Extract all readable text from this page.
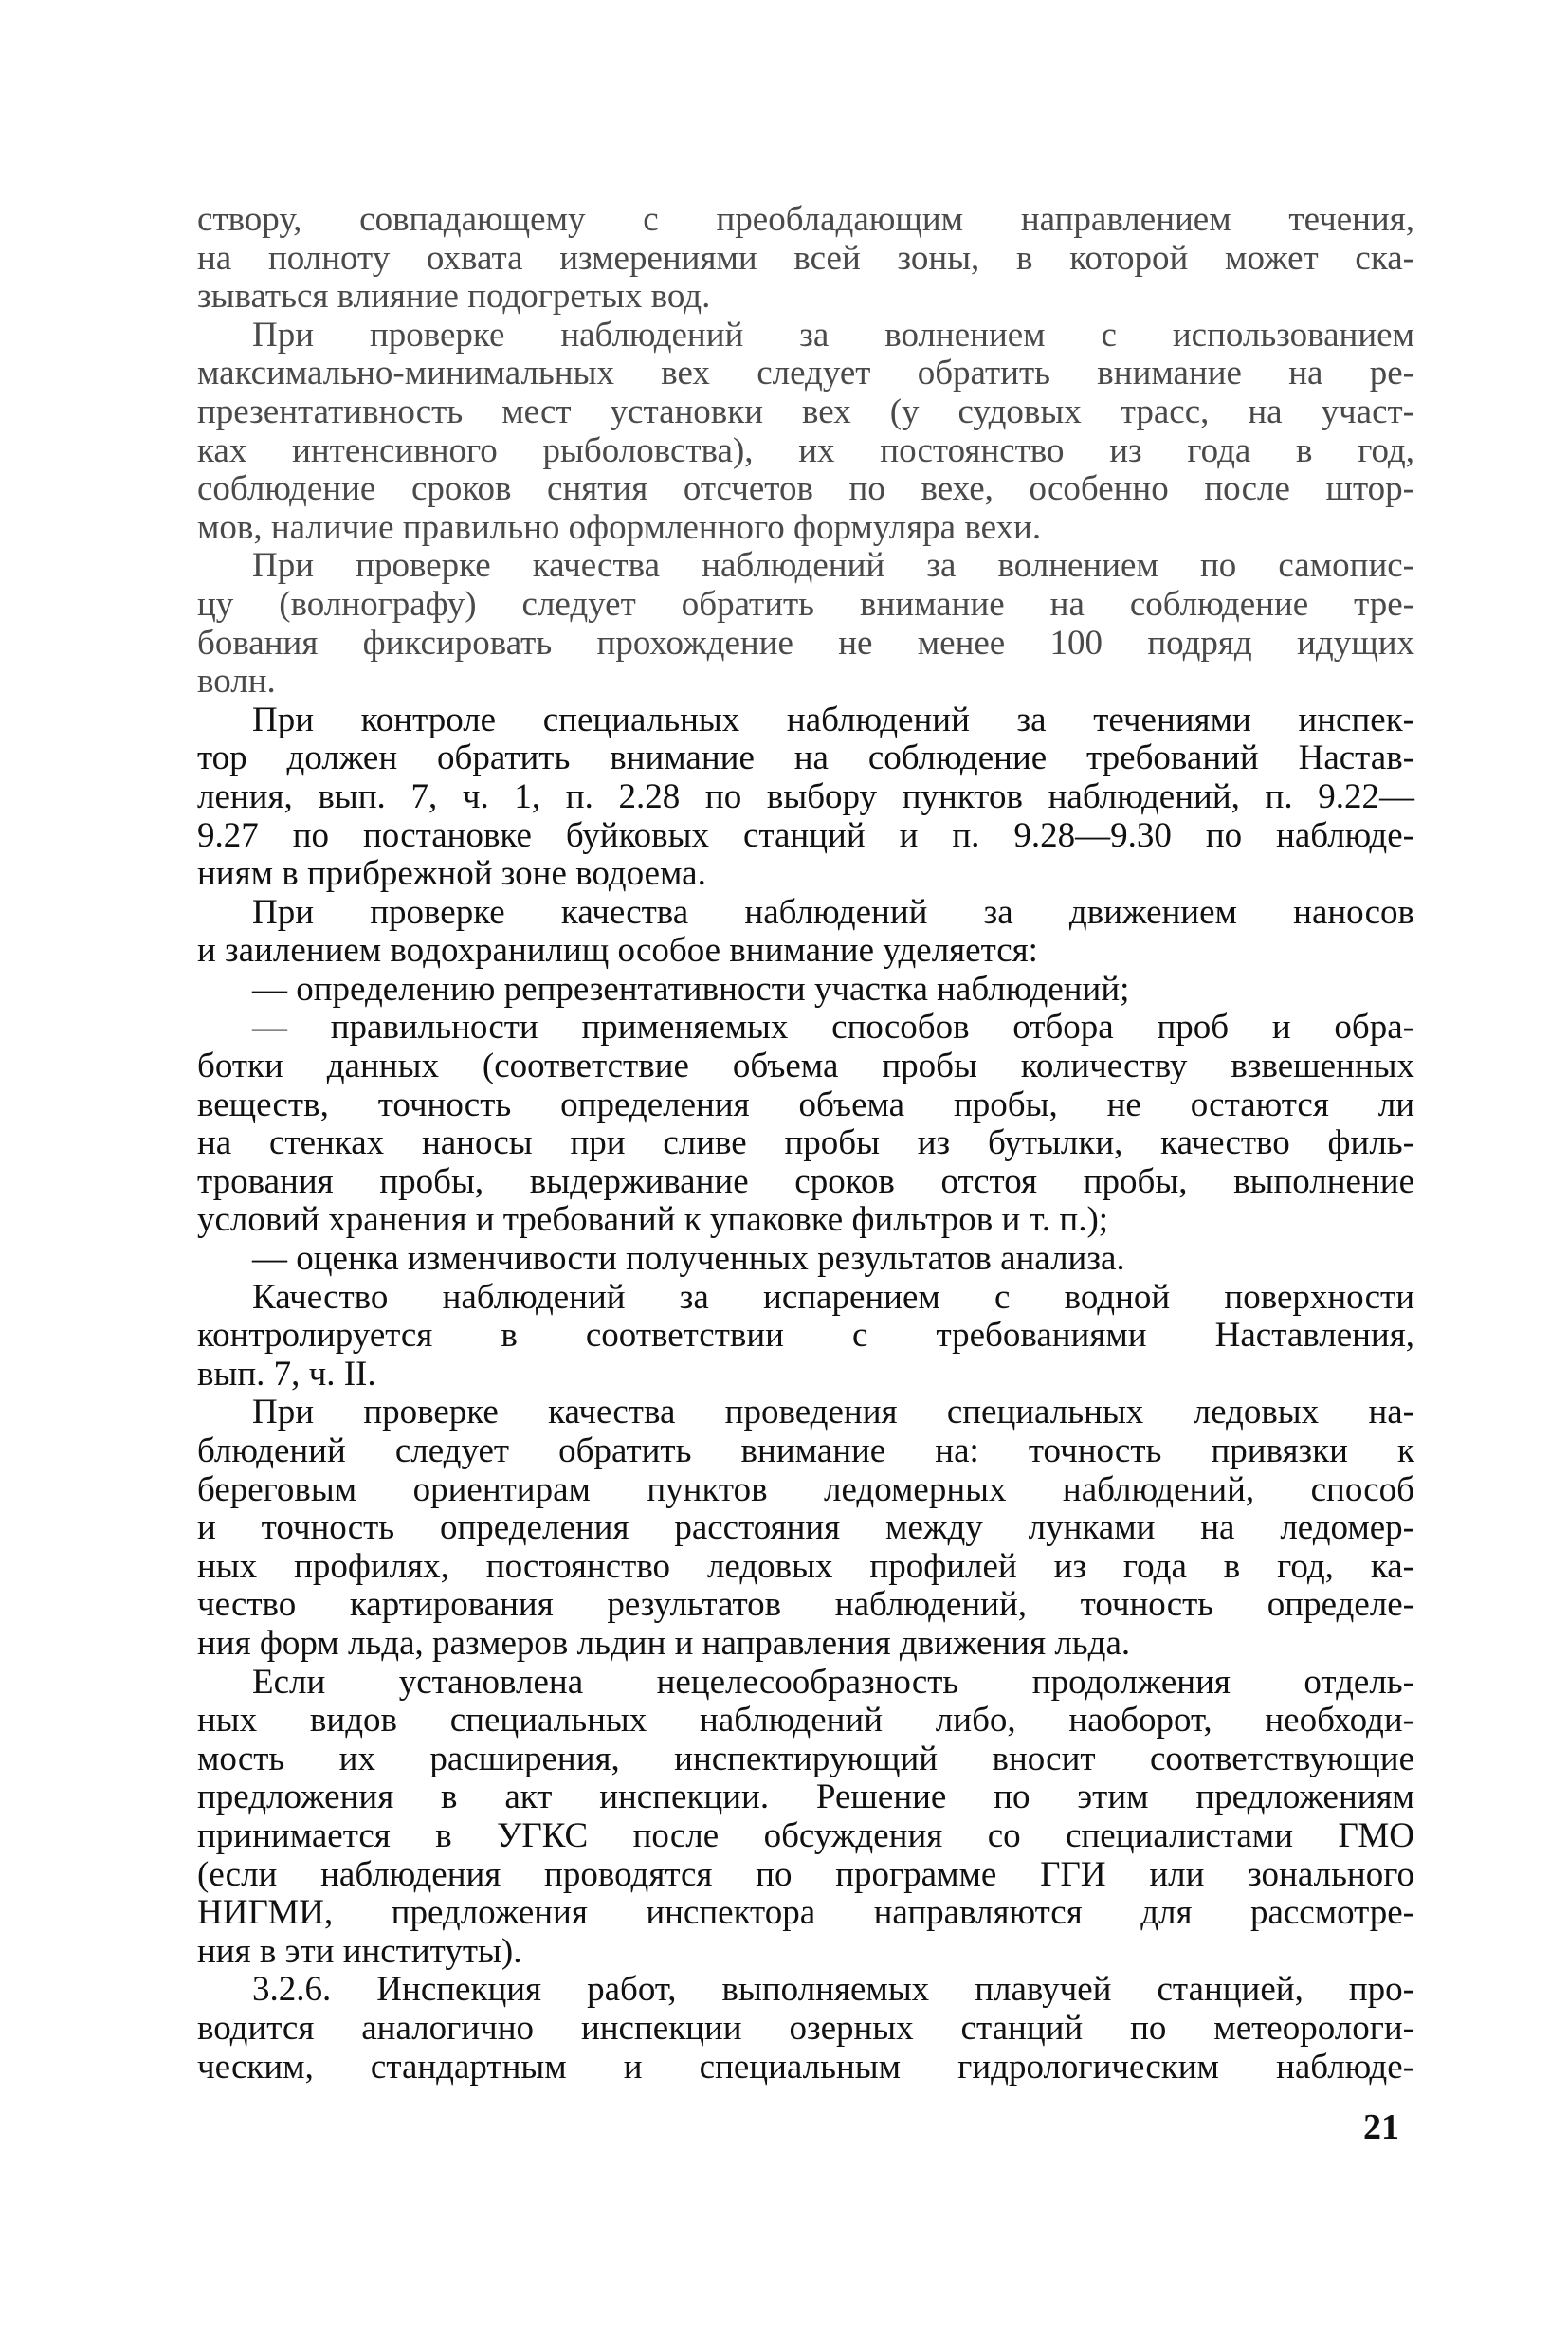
створу, совпадающему с преобладающим направлением течения,
на полноту охвата измерениями всей зоны, в которой может ска-
зываться влияние подогретых вод.
При проверке наблюдений за волнением с использованием
максимально-минимальных вех следует обратить внимание на ре-
презентативность мест установки вех (у судовых трасс, на участ-
ках интенсивного рыболовства), их постоянство из года в год,
соблюдение сроков снятия отсчетов по вехе, особенно после штор-
мов, наличие правильно оформленного формуляра вехи.
При проверке качества наблюдений за волнением по самопис-
цу (волнографу) следует обратить внимание на соблюдение тре-
бования фиксировать прохождение не менее 100 подряд идущих
волн.
При контроле специальных наблюдений за течениями инспек-
тор должен обратить внимание на соблюдение требований Настав-
ления, вып. 7, ч. 1, п. 2.28 по выбору пунктов наблюдений, п. 9.22—
9.27 по постановке буйковых станций и п. 9.28—9.30 по наблюде-
ниям в прибрежной зоне водоема.
При проверке качества наблюдений за движением наносов
и заилением водохранилищ особое внимание уделяется:
— определению репрезентативности участка наблюдений;
— правильности применяемых способов отбора проб и обра-
ботки данных (соответствие объема пробы количеству взвешенных
веществ, точность определения объема пробы, не остаются ли
на стенках наносы при сливе пробы из бутылки, качество филь-
трования пробы, выдерживание сроков отстоя пробы, выполнение
условий хранения и требований к упаковке фильтров и т. п.);
— оценка изменчивости полученных результатов анализа.
Качество наблюдений за испарением с водной поверхности
контролируется в соответствии с требованиями Наставления,
вып. 7, ч. II.
При проверке качества проведения специальных ледовых на-
блюдений следует обратить внимание на: точность привязки к
береговым ориентирам пунктов ледомерных наблюдений, способ
и точность определения расстояния между лунками на ледомер-
ных профилях, постоянство ледовых профилей из года в год, ка-
чество картирования результатов наблюдений, точность определе-
ния форм льда, размеров льдин и направления движения льда.
Если установлена нецелесообразность продолжения отдель-
ных видов специальных наблюдений либо, наоборот, необходи-
мость их расширения, инспектирующий вносит соответствующие
предложения в акт инспекции. Решение по этим предложениям
принимается в УГКС после обсуждения со специалистами ГМО
(если наблюдения проводятся по программе ГГИ или зонального
НИГМИ, предложения инспектора направляются для рассмотре-
ния в эти институты).
3.2.6. Инспекция работ, выполняемых плавучей станцией, про-
водится аналогично инспекции озерных станций по метеорологи-
ческим, стандартным и специальным гидрологическим наблюде-
21
